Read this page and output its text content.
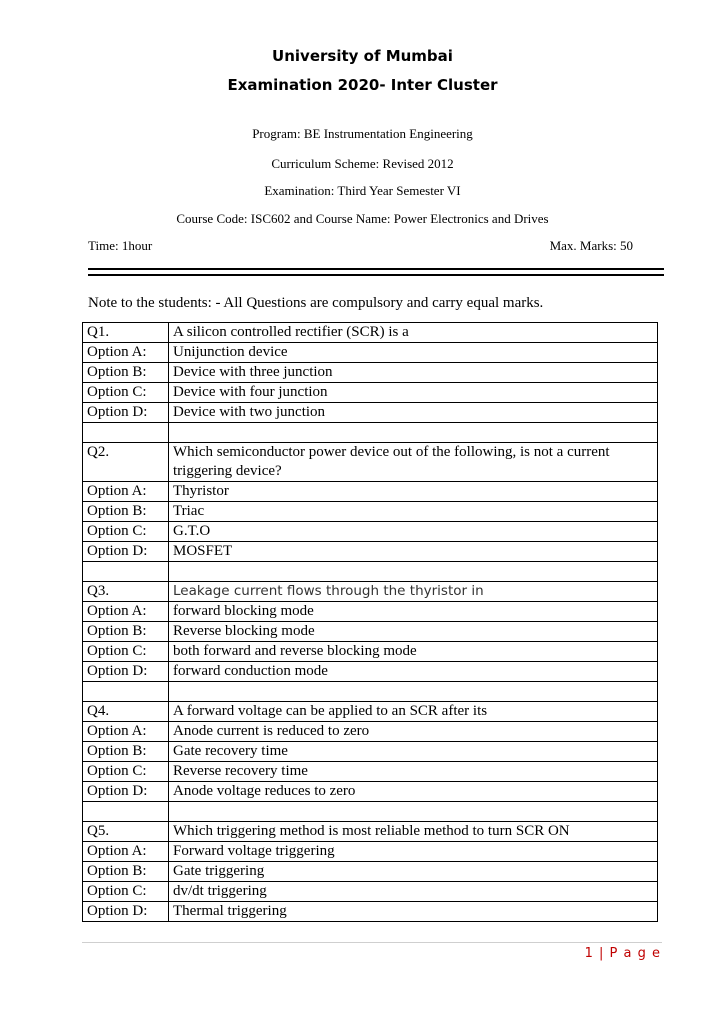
University of Mumbai
Examination 2020- Inter Cluster
Program: BE Instrumentation Engineering
Curriculum Scheme: Revised 2012
Examination: Third Year Semester VI
Course Code: ISC602 and Course Name: Power Electronics and Drives
Time: 1hour	Max. Marks: 50
Note to the students: - All Questions are compulsory and carry equal marks.
Q1.	A silicon controlled rectifier (SCR) is a
Option A:	Unijunction device
Option B:	Device with three junction
Option C:	Device with four junction
Option D:	Device with two junction

Q2.	Which semiconductor power device out of the following, is not a current triggering device?
Option A:	Thyristor
Option B:	Triac
Option C:	G.T.O
Option D:	MOSFET

Q3.	Leakage current flows through the thyristor in
Option A:	forward blocking mode
Option B:	Reverse blocking mode
Option C:	both forward and reverse blocking mode
Option D:	forward conduction mode

Q4.	A forward voltage can be applied to an SCR after its
Option A:	Anode current is reduced to zero
Option B:	Gate recovery time
Option C:	Reverse recovery time
Option D:	Anode voltage reduces to zero

Q5.	Which triggering method is most reliable method to turn SCR ON
Option A:	Forward voltage triggering
Option B:	Gate triggering
Option C:	dv/dt triggering
Option D:	Thermal triggering
1 | P a g e
